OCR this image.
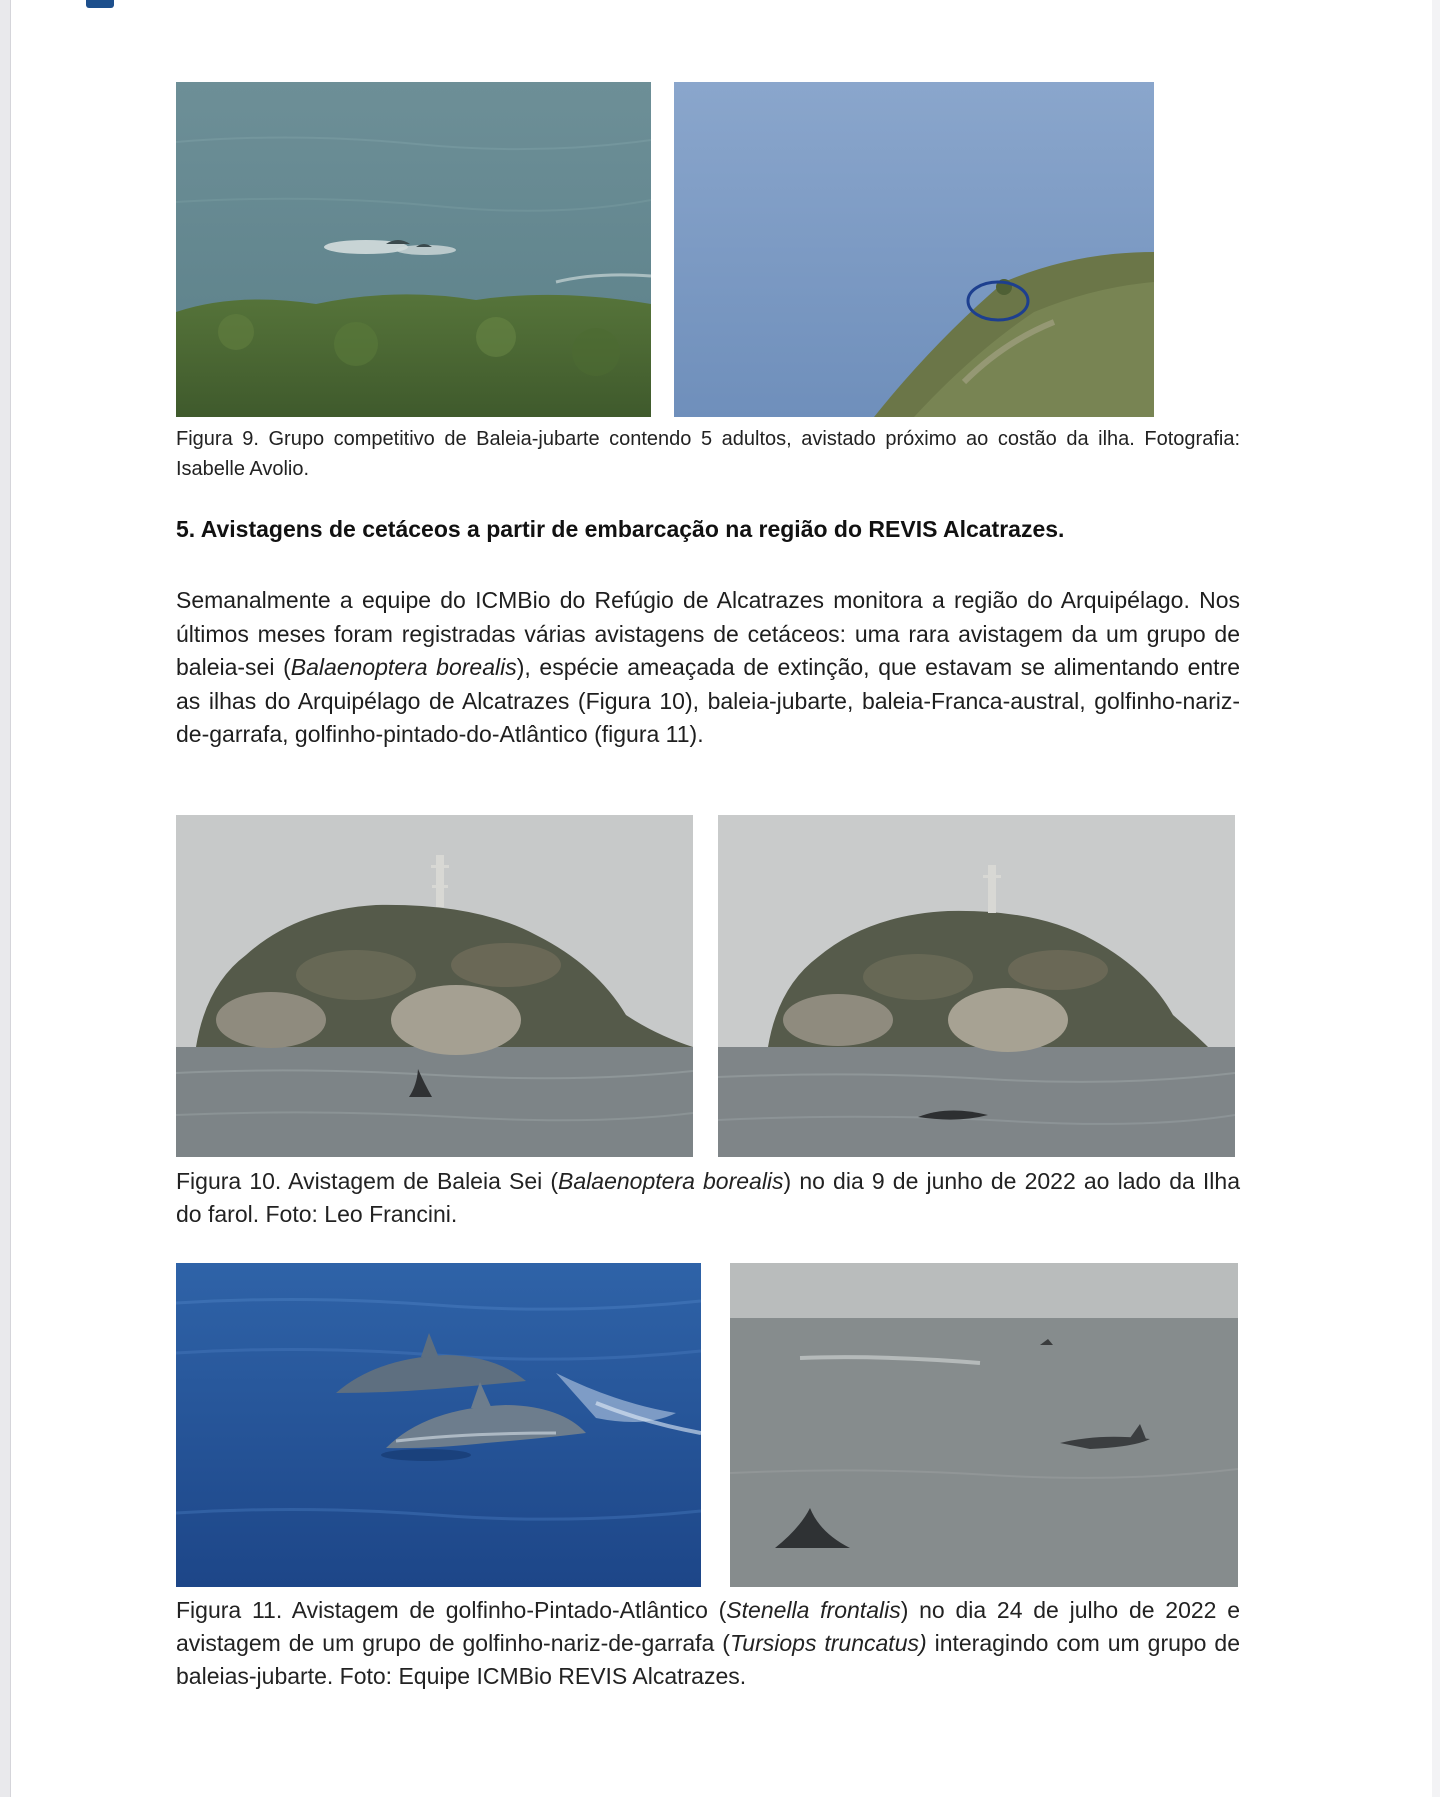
Figura 9. Grupo competitivo de Baleia-jubarte contendo 5 adultos, avistado próximo ao costão da ilha. Fotografia: Isabelle Avolio.

5. Avistagens de cetáceos a partir de embarcação na região do REVIS Alcatrazes.

Semanalmente a equipe do ICMBio do Refúgio de Alcatrazes monitora a região do Arquipélago. Nos últimos meses foram registradas várias avistagens de cetáceos: uma rara avistagem da um grupo de baleia-sei (Balaenoptera borealis), espécie ameaçada de extinção, que estavam se alimentando entre as ilhas do Arquipélago de Alcatrazes (Figura 10), baleia-jubarte, baleia-Franca-austral, golfinho-nariz-de-garrafa, golfinho-pintado-do-Atlântico (figura 11).

Figura 10. Avistagem de Baleia Sei (Balaenoptera borealis) no dia 9 de junho de 2022 ao lado da Ilha do farol. Foto: Leo Francini.

Figura 11. Avistagem de golfinho-Pintado-Atlântico (Stenella frontalis) no dia 24 de julho de 2022 e avistagem de um grupo de golfinho-nariz-de-garrafa (Tursiops truncatus) interagindo com um grupo de baleias-jubarte. Foto: Equipe ICMBio REVIS Alcatrazes.
